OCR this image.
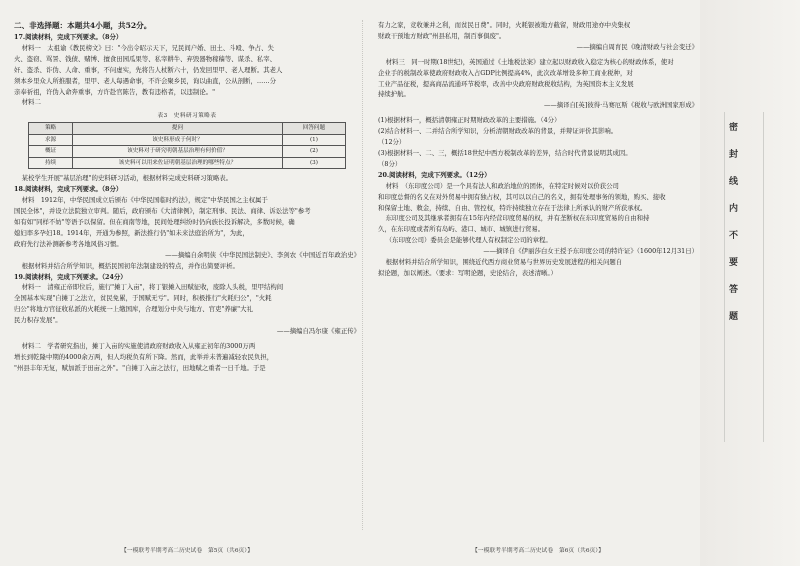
二、非选择题：本题共4小题，共52分。

17.阅读材料，完成下列要求。（8分）

材料一　太祖谕《教民榜文》曰："今出令昭示天下，兄民间户婚、田土、斗殴、争占、失

火、盗窃、骂詈、钱债、赌博、擅食田园瓜果等、私宰耕牛、弃毁器物稼穑等、谋杀、私宰、

奸、盗杀、诈伪、人命、重事，不问虚实，先将告人杖断六十，仍发回里甲、老人理断。其老人

须本乡里众人所推服者，里甲、老人每遇命事，不许会聚乡民，询以曲直，公从剖断，……分

亲奉祈祖，许伪入命奔重事，方许赴官陈告，教有违格者，以违制论。"

材料二

表3　史料研习策略表
策略	提问	回答问题
求源	该史料形成于何时？	(1)
概证	该史料对于研究明朝基层治理有何价值？	(2)
持续	该史料可以用来佐证明朝基层治理的哪些特点？	(3)

某校学生开展"基层治理"的史料研习活动，根据材料完成史料研习策略表。

18.阅读材料，完成下列要求。（8分）

材料　1912年，中华民国成立后颁布《中华民国临时约法》，规定"中华民国之主权属于

国民全体"，并设立法院独立审判。随后，政府颁布《大清律例》，制定刑事、民法、商律、诉讼法等"参考

如有如"同样不妨"等语予以保留。但在商南等地，民间处理纠纷时仍向族长投诉解决，多数时候，确

媳妇率多孕妇18。1914年，开通为参照，新法推行仍"如未来法庭治所为"，为此，

政府先行法补测新参考各地风俗习惯。

——摘编自余明侠《中华民国法制史》、李剑农《中国近百年政治史》

根据材料并结合所学知识，概括民国初年法制建设的特点，并作出简要评析。

19.阅读材料，完成下列要求。（24分）

材料一　清雍正帝即位后，施行"摊丁入亩"，将丁银摊入田赋征收，废除人头税，里甲结构间

全国基本实现"自摊丁之法立，贫民免累，于国赋无亏"。同时，积极推行"火耗归公"，"火耗

归公"将地方官征收私派的火耗统一上缴国库，合理划分中央与地方、官吏"养廉"大礼

民力积存发展"。

——摘编自冯尔康《雍正传》

材料二　学者研究指出，摊丁入亩的实施使清政府财政收入从雍正初年的3000万两

增长到乾隆中期的4000余万两，但人均税负有所下降。然而，此举并未普遍减轻农民负担，

"州县丰年无复，赋加派于田亩之外"。"自摊丁入亩之法行，田地赋之重者一日千地。于是

【一模联考半期考高二历史试卷　第5页（共6页）】

有力之家，竞收兼并之利，而贫民日费"。同时，火耗银被地方截留，财政用途亦中央集权

财政干预地方财政"州县私用，制百事俱废"。

——摘编自周育民《晚清财政与社会变迁》

材料三　同一时期(18世纪)，英国通过《土地税法案》建立起以财政收入稳定为核心的财政体系，使对

企业手的税制改革使政府财政收入占GDP比例提高4%，此次改革增设多种工商业税种，对

工业产品征税，提高商品流通环节税率，改善中央政府财政税收结构，为英国资本主义发展

持续护航。

——摘译自[英]彼得·马赛厄斯《税收与欧洲国家形成》

(1)根据材料一，概括清朝雍正时期财政改革的主要措施。（4分）

(2)结合材料一、二并结合所学知识，分析清朝财政改革的背景，并辩证评价其影响。

（12分）

(3)根据材料一、二、三，概括18世纪中西方税制改革的差异，结合时代背景说明其成因。

（8分）

20.阅读材料，完成下列要求。（12分）

材料　（东印度公司）是一个具有法人和政治地位的团体，在特定时候对以价获公司

和印度总督的名义在对外贸易中拥有独占权，其可以以自己的名义，拥有处理事务的领地，购买、接收

和保留土地、敕金，持续、自由、管控权，特许持续独立存在于法律上所承认的财产所获承权。

东印度公司及其继承者拥有在15年内经营印度贸易的权，并有垄断权在东印度贸易的自由和持

久，在东印度或者所有岛屿、港口、城市、城镇进行贸易。

（东印度公司）委员会是能够代理人有权制定公司的章程。

——摘译自《伊丽莎白女王授予东印度公司的特许证》（1600年12月31日）

根据材料并结合所学知识，围绕近代西方商业贸易与世界历史发展进程的相关问题自

拟论题，加以阐述。（要求：写明论题，史论结合，表述清晰。）

【一模联考半期考高二历史试卷　第6页（共6页）】
密封线内不要答题
